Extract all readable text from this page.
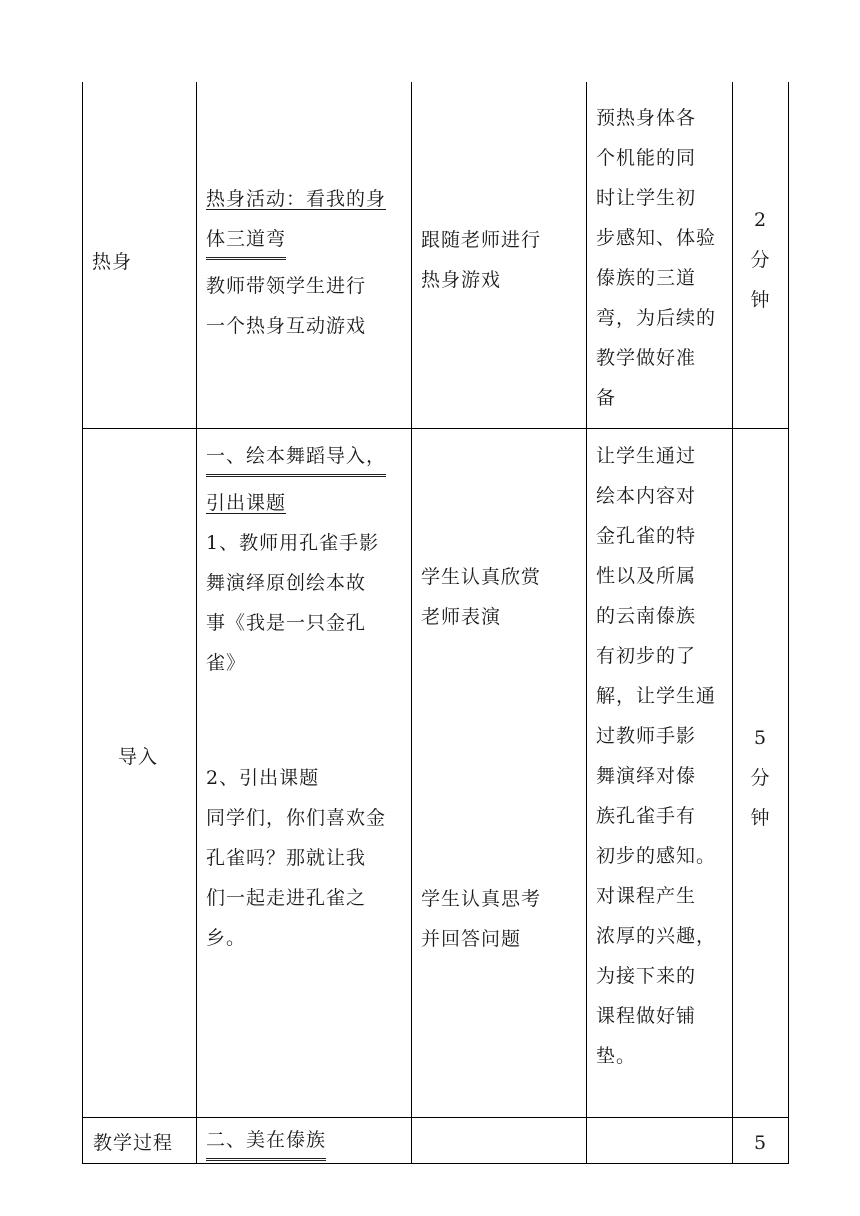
热身
热身活动：看我的身
体三道弯
教师带领学生进行
一个热身互动游戏
跟随老师进行
热身游戏
预热身体各
个机能的同
时让学生初
步感知、体验
傣族的三道
弯，为后续的
教学做好准
备
2
分
钟
导入
一、绘本舞蹈导入，
引出课题
1、教师用孔雀手影
舞演绎原创绘本故
事《我是一只金孔
雀》
2、引出课题
同学们，你们喜欢金
孔雀吗？那就让我
们一起走进孔雀之
乡。
学生认真欣赏
老师表演
学生认真思考
并回答问题
让学生通过
绘本内容对
金孔雀的特
性以及所属
的云南傣族
有初步的了
解，让学生通
过教师手影
舞演绎对傣
族孔雀手有
初步的感知。
对课程产生
浓厚的兴趣，
为接下来的
课程做好铺
垫。
5
分
钟
教学过程 二、美在傣族	5
